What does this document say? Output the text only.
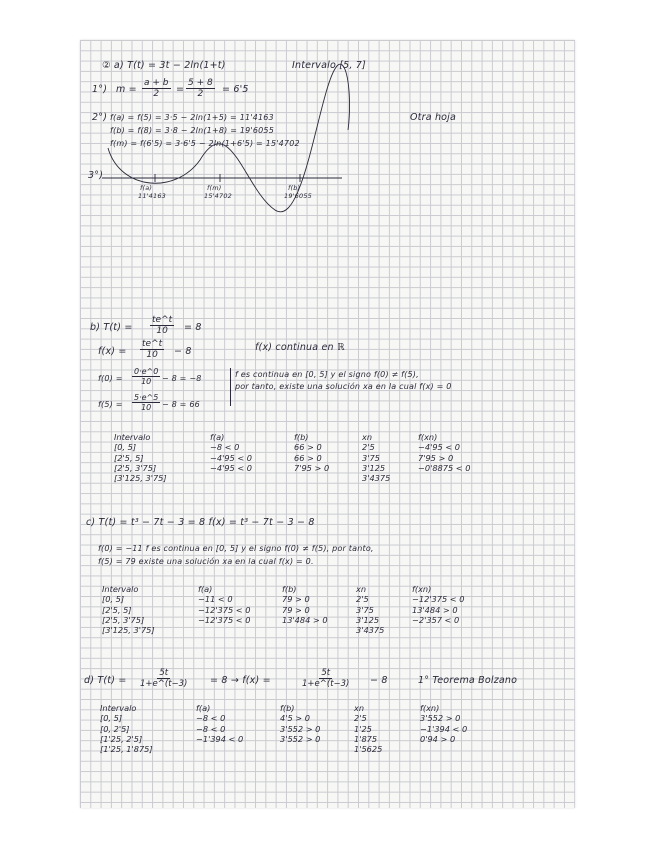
② a) T(t) = 3t − 2ln(1+t)	Intervalo [5, 7]
1°) $m = \frac{a + b}{2} = \frac{5 + 8}{2} = 6'5$
2°) f(a) = f(5) = 3·5 − 2ln(1+5) = 11'4163
f(b) = f(8) = 3·8 − 2ln(1+8) = 19'6055
f(m) = f(6'5) = 3·6'5 − 2ln(1+6'5) = 15'4702
Otra hoja
3°)
f(a)
11'4163
f(m)
15'4702
f(b)
19'6055
b) $T(t) = \frac{te\^{}t}{10} = 8$
$f(x) = \frac{te\^{}t}{10} - 8$	f(x) continua en ℝ
$f(0) = \frac{0\cdot e\^{}0}{10} - 8 = -8$
$f(5) = \frac{5\cdot e\^{}5}{10} - 8 = 66$
f es continua en [0, 5] y el signo f(0) ≠ f(5),
por tanto, existe una solución xa en la cual f(x) = 0
Intervalo	f(a)	f(b)	xn	f(xn)
[0, 5]	−8 < 0	66 > 0	2'5	−4'95 < 0
[2'5, 5]	−4'95 < 0	66 > 0	3'75	7'95 > 0
[2'5, 3'75]	−4'95 < 0	7'95 > 0	3'125	−0'8875 < 0
[3'125, 3'75]			3'4375	
c) T(t) = t³ − 7t − 3 = 8 f(x) = t³ − 7t − 3 − 8
f(0) = −11 f es continua en [0, 5] y el signo f(0) ≠ f(5), por tanto,
f(5) = 79 existe una solución xa en la cual f(x) = 0.
Intervalo	f(a)	f(b)	xn	f(xn)
[0, 5]	−11 < 0	79 > 0	2'5	−12'375 < 0
[2'5, 5]	−12'375 < 0	79 > 0	3'75	13'484 > 0
[2'5, 3'75]	−12'375 < 0	13'484 > 0	3'125	−2'357 < 0
[3'125, 3'75]			3'4375	
d) $T(t) = \frac{5t}{1+e\^{}(t-3)} = 8 \to f(x)$ =	$\frac{5t}{1+e\^{}(t-3)} - 8$	1° Teorema Bolzano
Intervalo	f(a)	f(b)	xn	f(xn)
[0, 5]	−8 < 0	4'5 > 0	2'5	3'552 > 0
[0, 2'5]	−8 < 0	3'552 > 0	1'25	−1'394 < 0
[1'25, 2'5]	−1'394 < 0	3'552 > 0	1'875	0'94 > 0
[1'25, 1'875]			1'5625	
